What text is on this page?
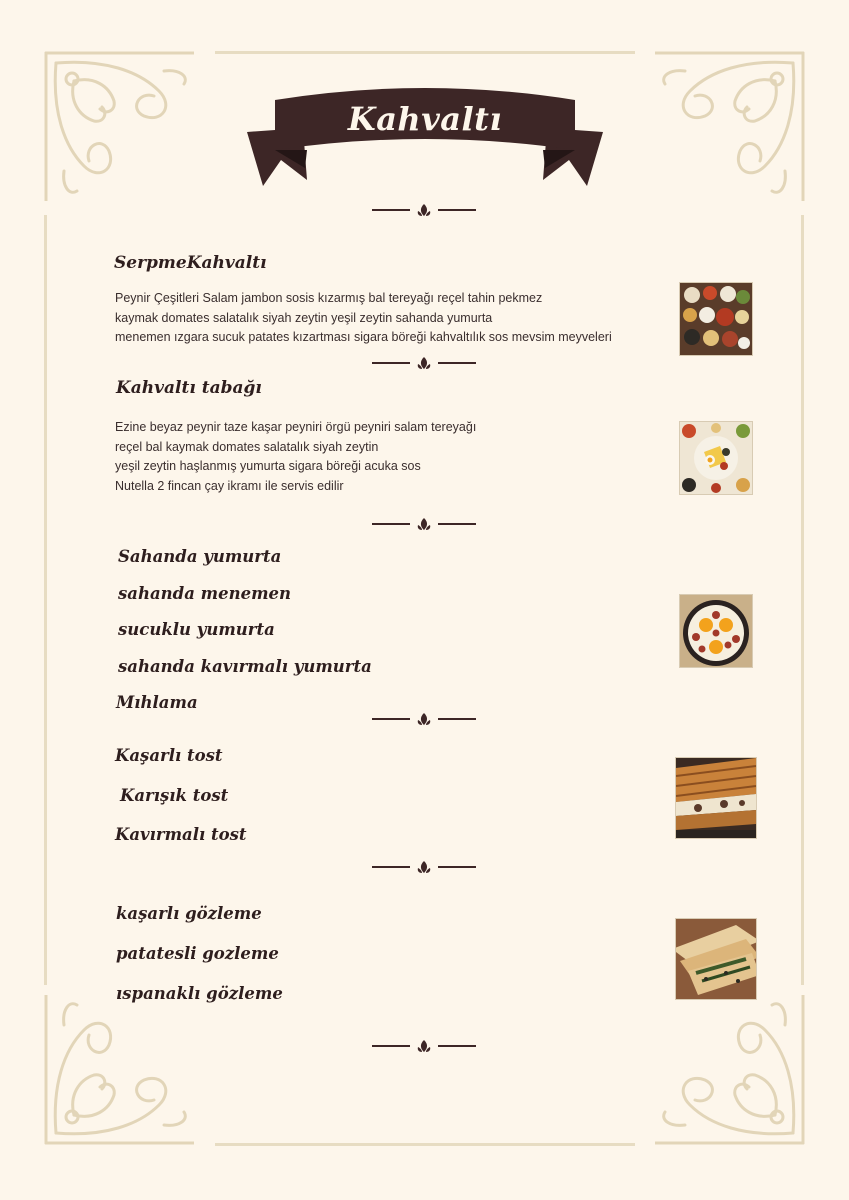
Kahvaltı
SerpmeKahvaltı
Peynir Çeşitleri Salam jambon sosis kızarmış bal tereyağı reçel tahin pekmez
kaymak domates salatalık siyah zeytin yeşil zeytin sahanda yumurta
menemen ızgara sucuk patates kızartması sigara böreği kahvaltılık sos mevsim meyveleri
Kahvaltı tabağı
Ezine beyaz peynir taze kaşar peyniri örgü peyniri salam tereyağı
reçel bal kaymak domates salatalık siyah zeytin
yeşil zeytin haşlanmış yumurta sigara böreği acuka sos
Nutella 2 fincan çay ikramı ile servis edilir
Sahanda yumurta
sahanda menemen
sucuklu yumurta
sahanda kavırmalı yumurta
Mıhlama
Kaşarlı tost
Karışık tost
Kavırmalı tost
kaşarlı gözleme
patatesli gozleme
ıspanaklı gözleme
